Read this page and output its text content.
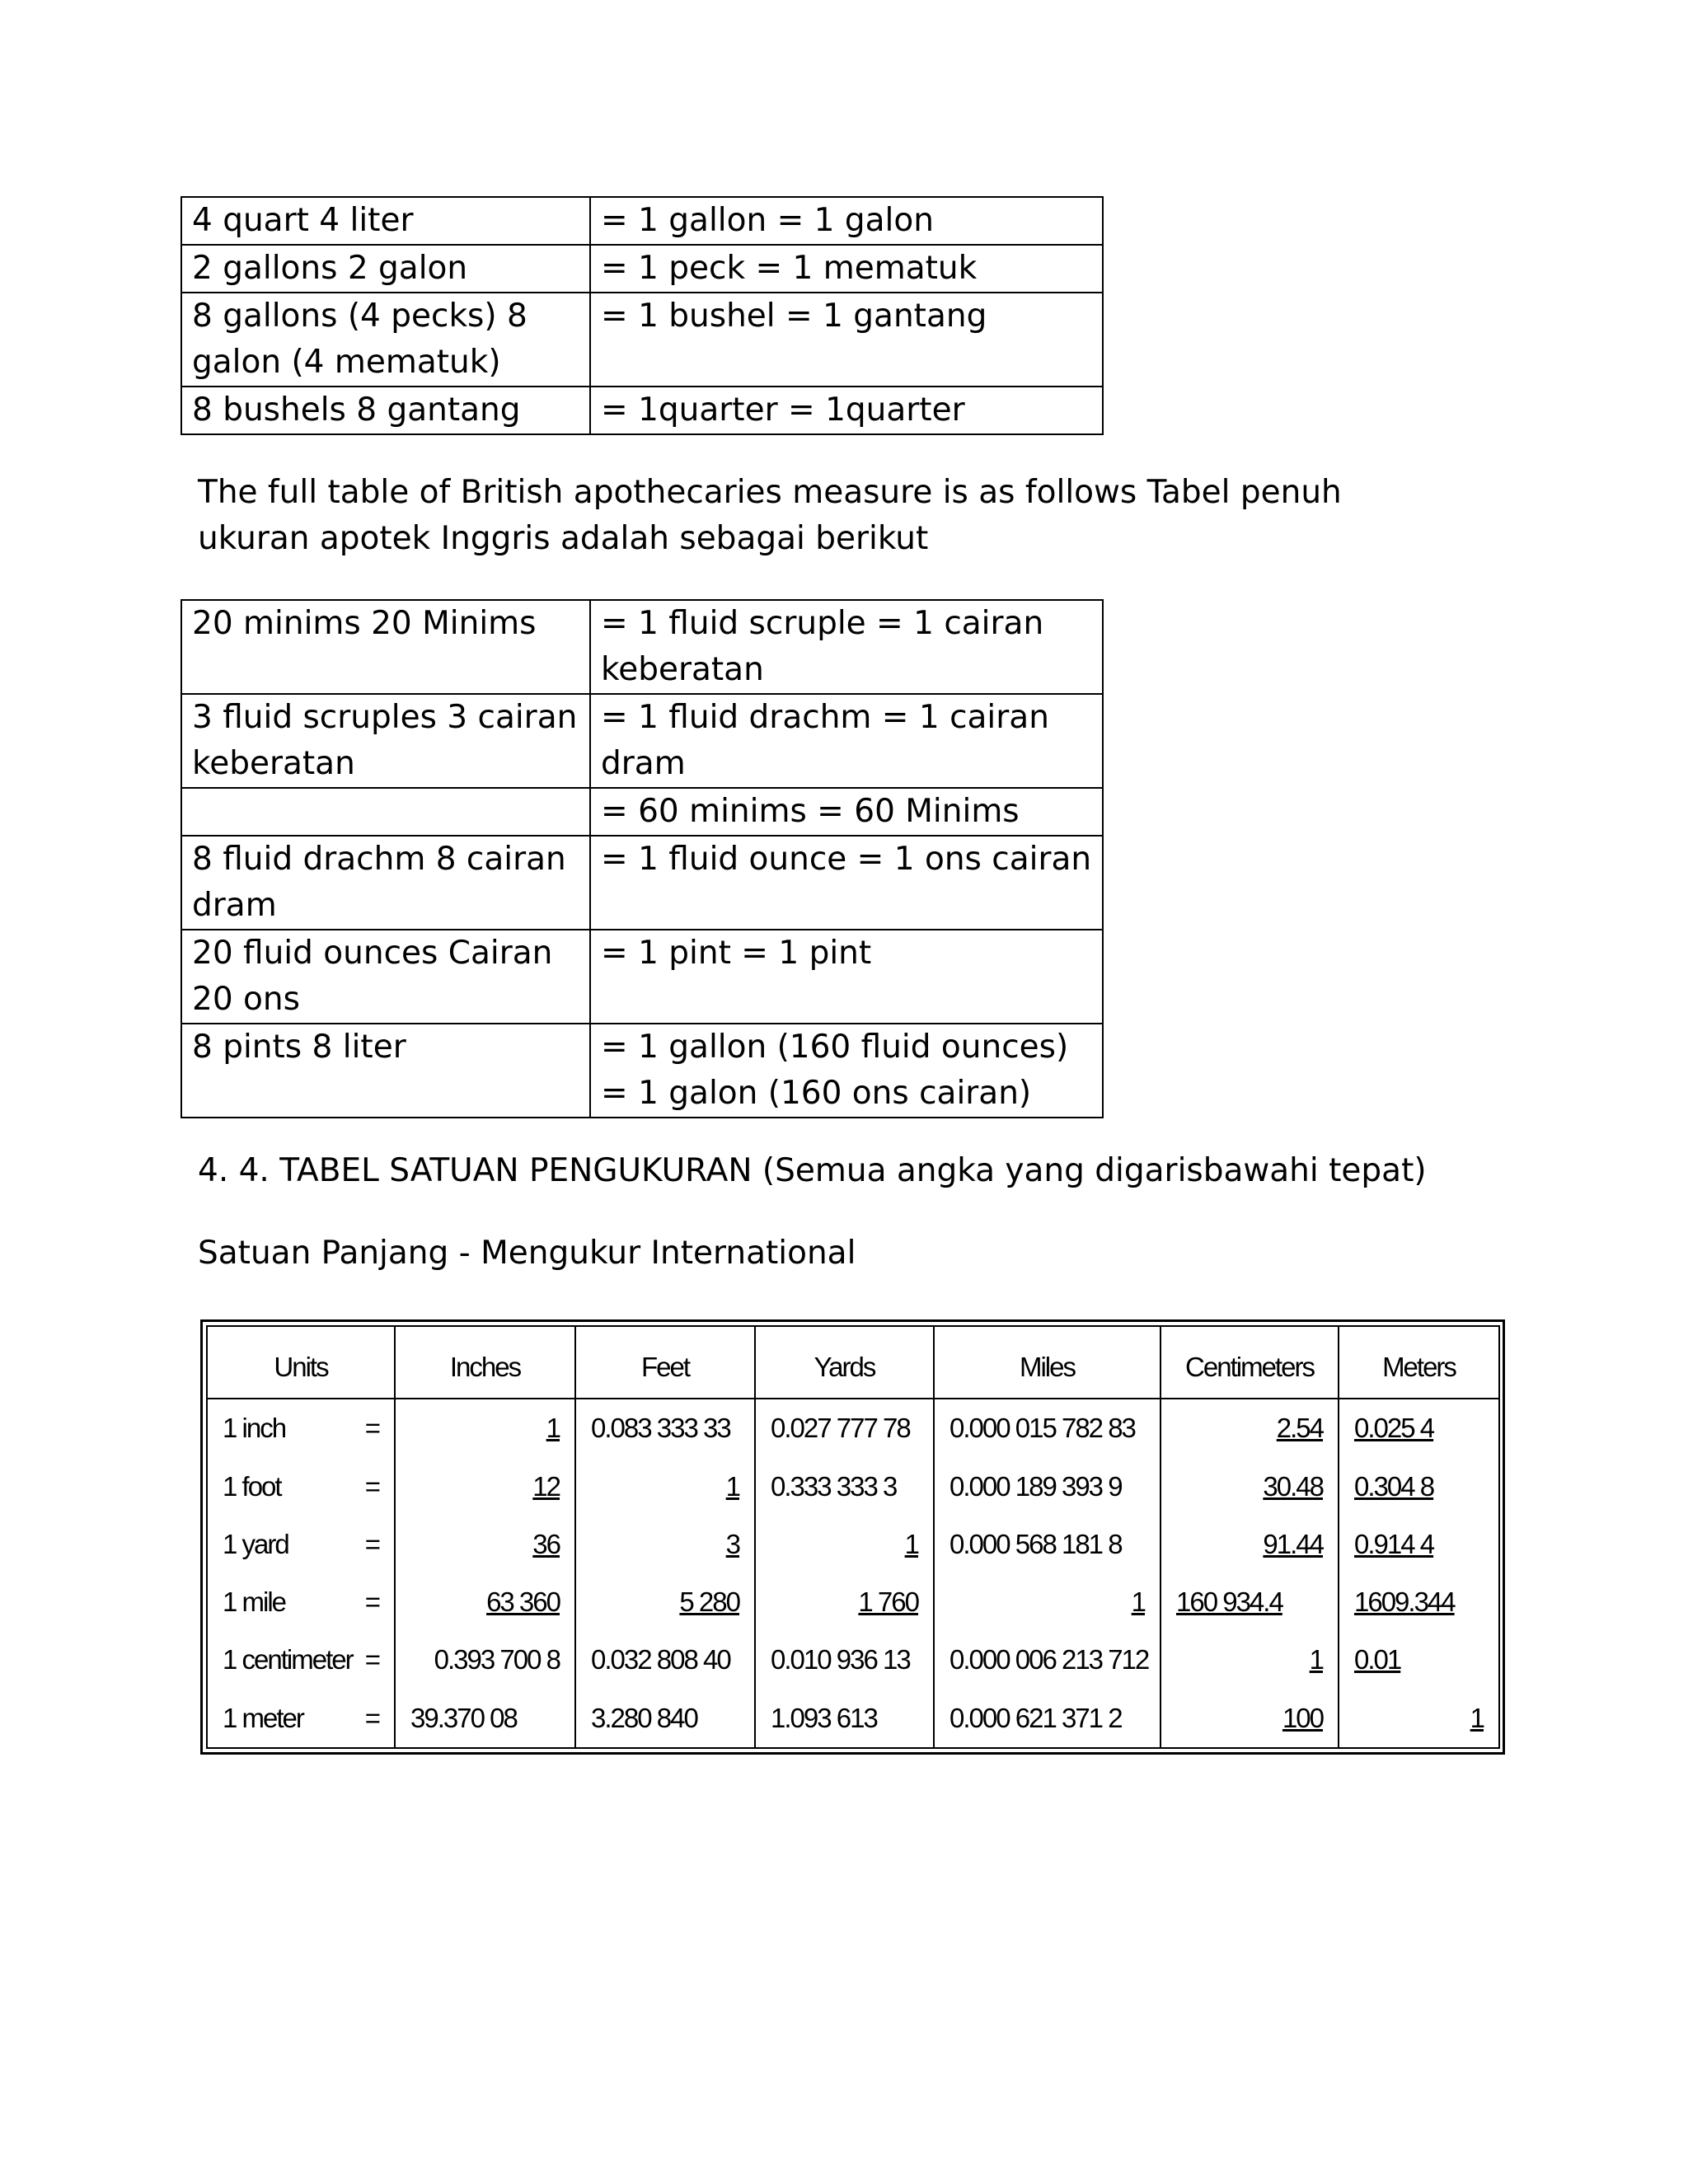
4 quart 4 liter	= 1 gallon = 1 galon
2 gallons 2 galon	= 1 peck = 1 mematuk
8 gallons (4 pecks) 8 galon (4 mematuk)	= 1 bushel = 1 gantang
8 bushels 8 gantang	= 1quarter = 1quarter
The full table of British apothecaries measure is as follows Tabel penuh ukuran apotek Inggris adalah sebagai berikut
20 minims 20 Minims	= 1 fluid scruple = 1 cairan keberatan
3 fluid scruples 3 cairan keberatan	= 1 fluid drachm = 1 cairan dram
	= 60 minims = 60 Minims
8 fluid drachm 8 cairan dram	= 1 fluid ounce = 1 ons cairan
20 fluid ounces Cairan 20 ons	= 1 pint = 1 pint
8 pints 8 liter	= 1 gallon (160 fluid ounces) = 1 galon (160 ons cairan)
4. 4. TABEL SATUAN PENGUKURAN (Semua angka yang digarisbawahi tepat)
Satuan Panjang - Mengukur International
Units	Inches	Feet	Yards	Miles	Centimeters	Meters
1 inch =	1	0.083 333 33	0.027 777 78	0.000 015 782 83	2.54	0.025 4
1 foot =	12	1	0.333 333 3	0.000 189 393 9	30.48	0.304 8
1 yard =	36	3	1	0.000 568 181 8	91.44	0.914 4
1 mile =	63 360	5 280	1 760	1	160 934.4	1609.344
1 centimeter =	0.393 700 8	0.032 808 40	0.010 936 13	0.000 006 213 712	1	0.01
1 meter =	39.370 08	3.280 840	1.093 613	0.000 621 371 2	100	1
